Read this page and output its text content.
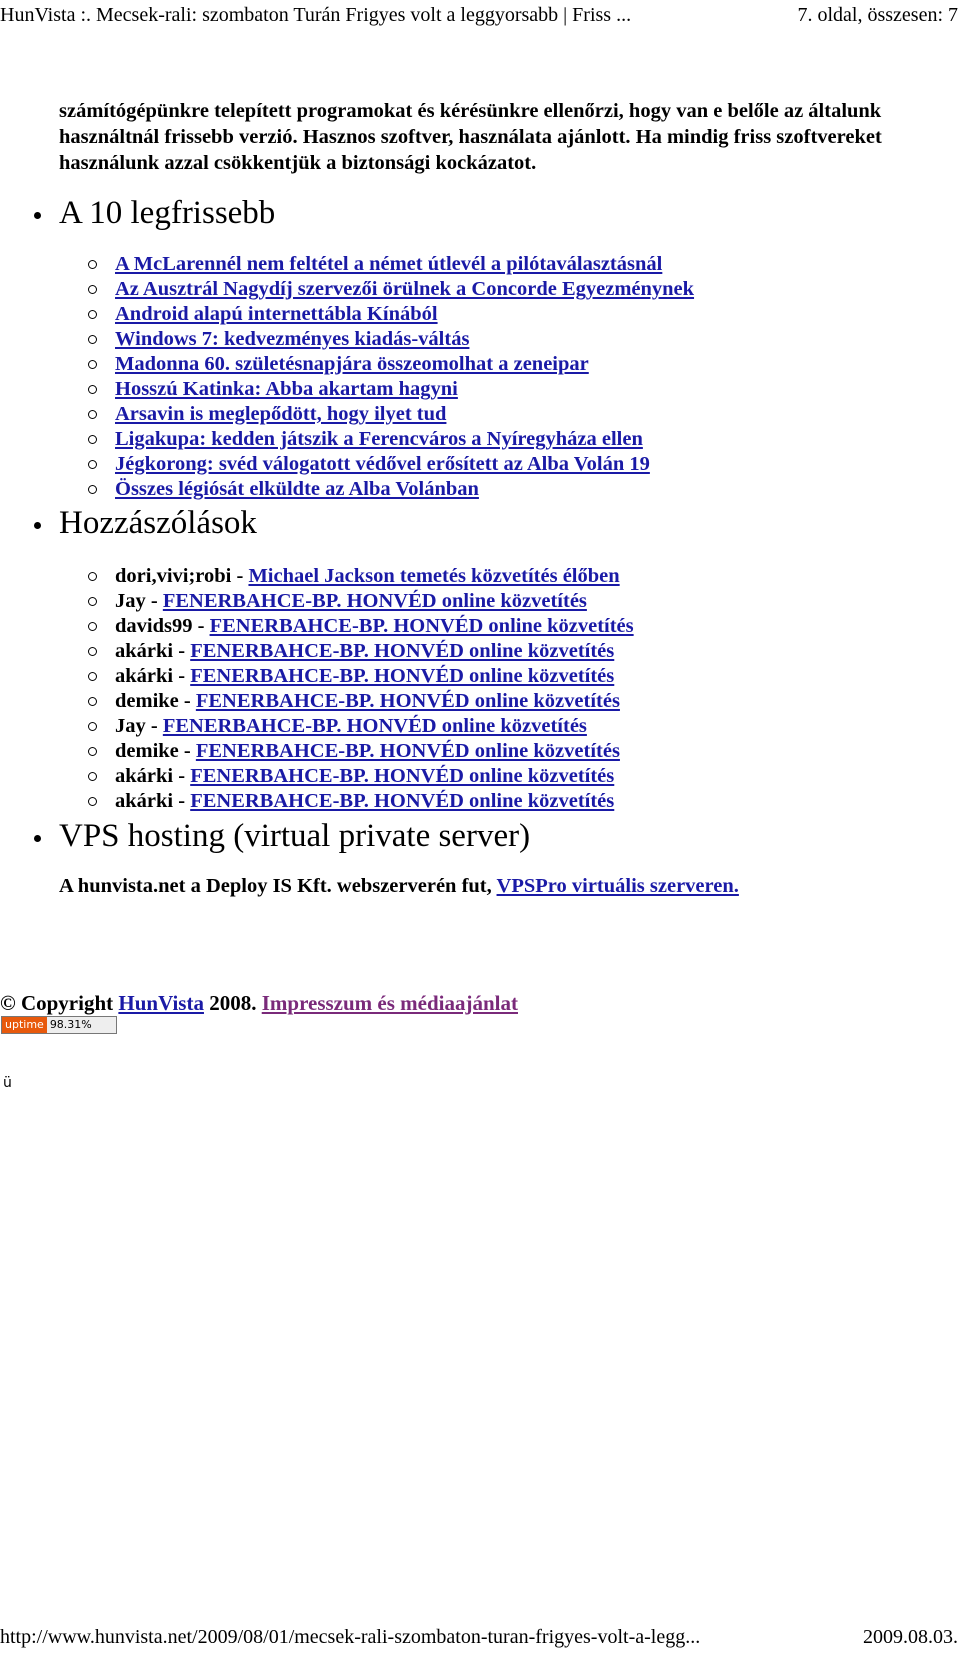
HunVista :. Mecsek-rali: szombaton Turán Frigyes volt a leggyorsabb | Friss ...	7. oldal, összesen: 7

számítógépünkre telepített programokat és kérésünkre ellenőrzi, hogy van e belőle az általunk használtnál frissebb verzió. Hasznos szoftver, használata ajánlott. Ha mindig friss szoftvereket használunk azzal csökkentjük a biztonsági kockázatot.

A 10 legfrissebb
A McLarennél nem feltétel a német útlevél a pilótaválasztásnál
Az Ausztrál Nagydíj szervezői örülnek a Concorde Egyezménynek
Android alapú internettábla Kínából
Windows 7: kedvezményes kiadás-váltás
Madonna 60. születésnapjára összeomolhat a zeneipar
Hosszú Katinka: Abba akartam hagyni
Arsavin is meglepődött, hogy ilyet tud
Ligakupa: kedden játszik a Ferencváros a Nyíregyháza ellen
Jégkorong: svéd válogatott védővel erősített az Alba Volán 19
Összes légiósát elküldte az Alba Volánban
Hozzászólások
dori,vivi;robi - Michael Jackson temetés közvetítés élőben
Jay - FENERBAHCE-BP. HONVÉD online közvetítés
davids99 - FENERBAHCE-BP. HONVÉD online közvetítés
akárki - FENERBAHCE-BP. HONVÉD online közvetítés
akárki - FENERBAHCE-BP. HONVÉD online közvetítés
demike - FENERBAHCE-BP. HONVÉD online közvetítés
Jay - FENERBAHCE-BP. HONVÉD online közvetítés
demike - FENERBAHCE-BP. HONVÉD online közvetítés
akárki - FENERBAHCE-BP. HONVÉD online közvetítés
akárki - FENERBAHCE-BP. HONVÉD online közvetítés
VPS hosting (virtual private server)

A hunvista.net a Deploy IS Kft. webszerverén fut, VPSPro virtuális szerveren.

© Copyright HunVista 2008. Impresszum és médiaajánlat
uptime 98.31%
ü
http://www.hunvista.net/2009/08/01/mecsek-rali-szombaton-turan-frigyes-volt-a-legg...	2009.08.03.
